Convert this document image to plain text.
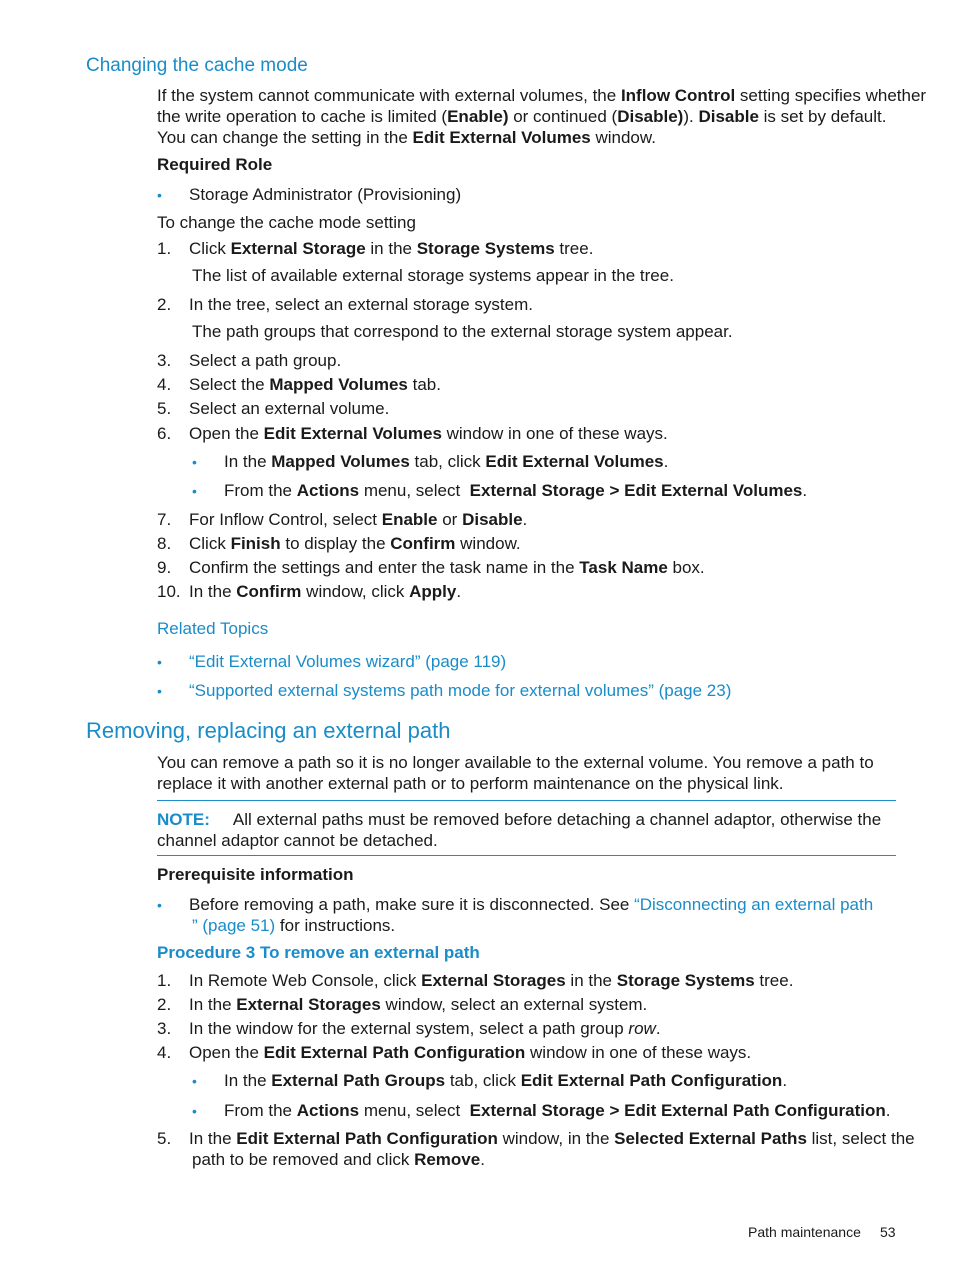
Changing the cache mode
If the system cannot communicate with external volumes, the Inflow Control setting specifies whether
the write operation to cache is limited (Enable) or continued (Disable)). Disable is set by default.
You can change the setting in the Edit External Volumes window.
Required Role
• Storage Administrator (Provisioning)
To change the cache mode setting
1. Click External Storage in the Storage Systems tree.
The list of available external storage systems appear in the tree.
2. In the tree, select an external storage system.
The path groups that correspond to the external storage system appear.
3. Select a path group.
4. Select the Mapped Volumes tab.
5. Select an external volume.
6. Open the Edit External Volumes window in one of these ways.
• In the Mapped Volumes tab, click Edit External Volumes.
• From the Actions menu, select  External Storage > Edit External Volumes.
7. For Inflow Control, select Enable or Disable.
8. Click Finish to display the Confirm window.
9. Confirm the settings and enter the task name in the Task Name box.
10. In the Confirm window, click Apply.
Related Topics
• “Edit External Volumes wizard” (page 119)
• “Supported external systems path mode for external volumes” (page 23)
Removing, replacing an external path
You can remove a path so it is no longer available to the external volume. You remove a path to
replace it with another external path or to perform maintenance on the physical link.
NOTE: All external paths must be removed before detaching a channel adaptor, otherwise the
channel adaptor cannot be detached.
Prerequisite information
• Before removing a path, make sure it is disconnected. See “Disconnecting an external path
” (page 51) for instructions.
Procedure 3 To remove an external path
1. In Remote Web Console, click External Storages in the Storage Systems tree.
2. In the External Storages window, select an external system.
3. In the window for the external system, select a path group row.
4. Open the Edit External Path Configuration window in one of these ways.
• In the External Path Groups tab, click Edit External Path Configuration.
• From the Actions menu, select  External Storage > Edit External Path Configuration.
5. In the Edit External Path Configuration window, in the Selected External Paths list, select the
path to be removed and click Remove.
Path maintenance 53
